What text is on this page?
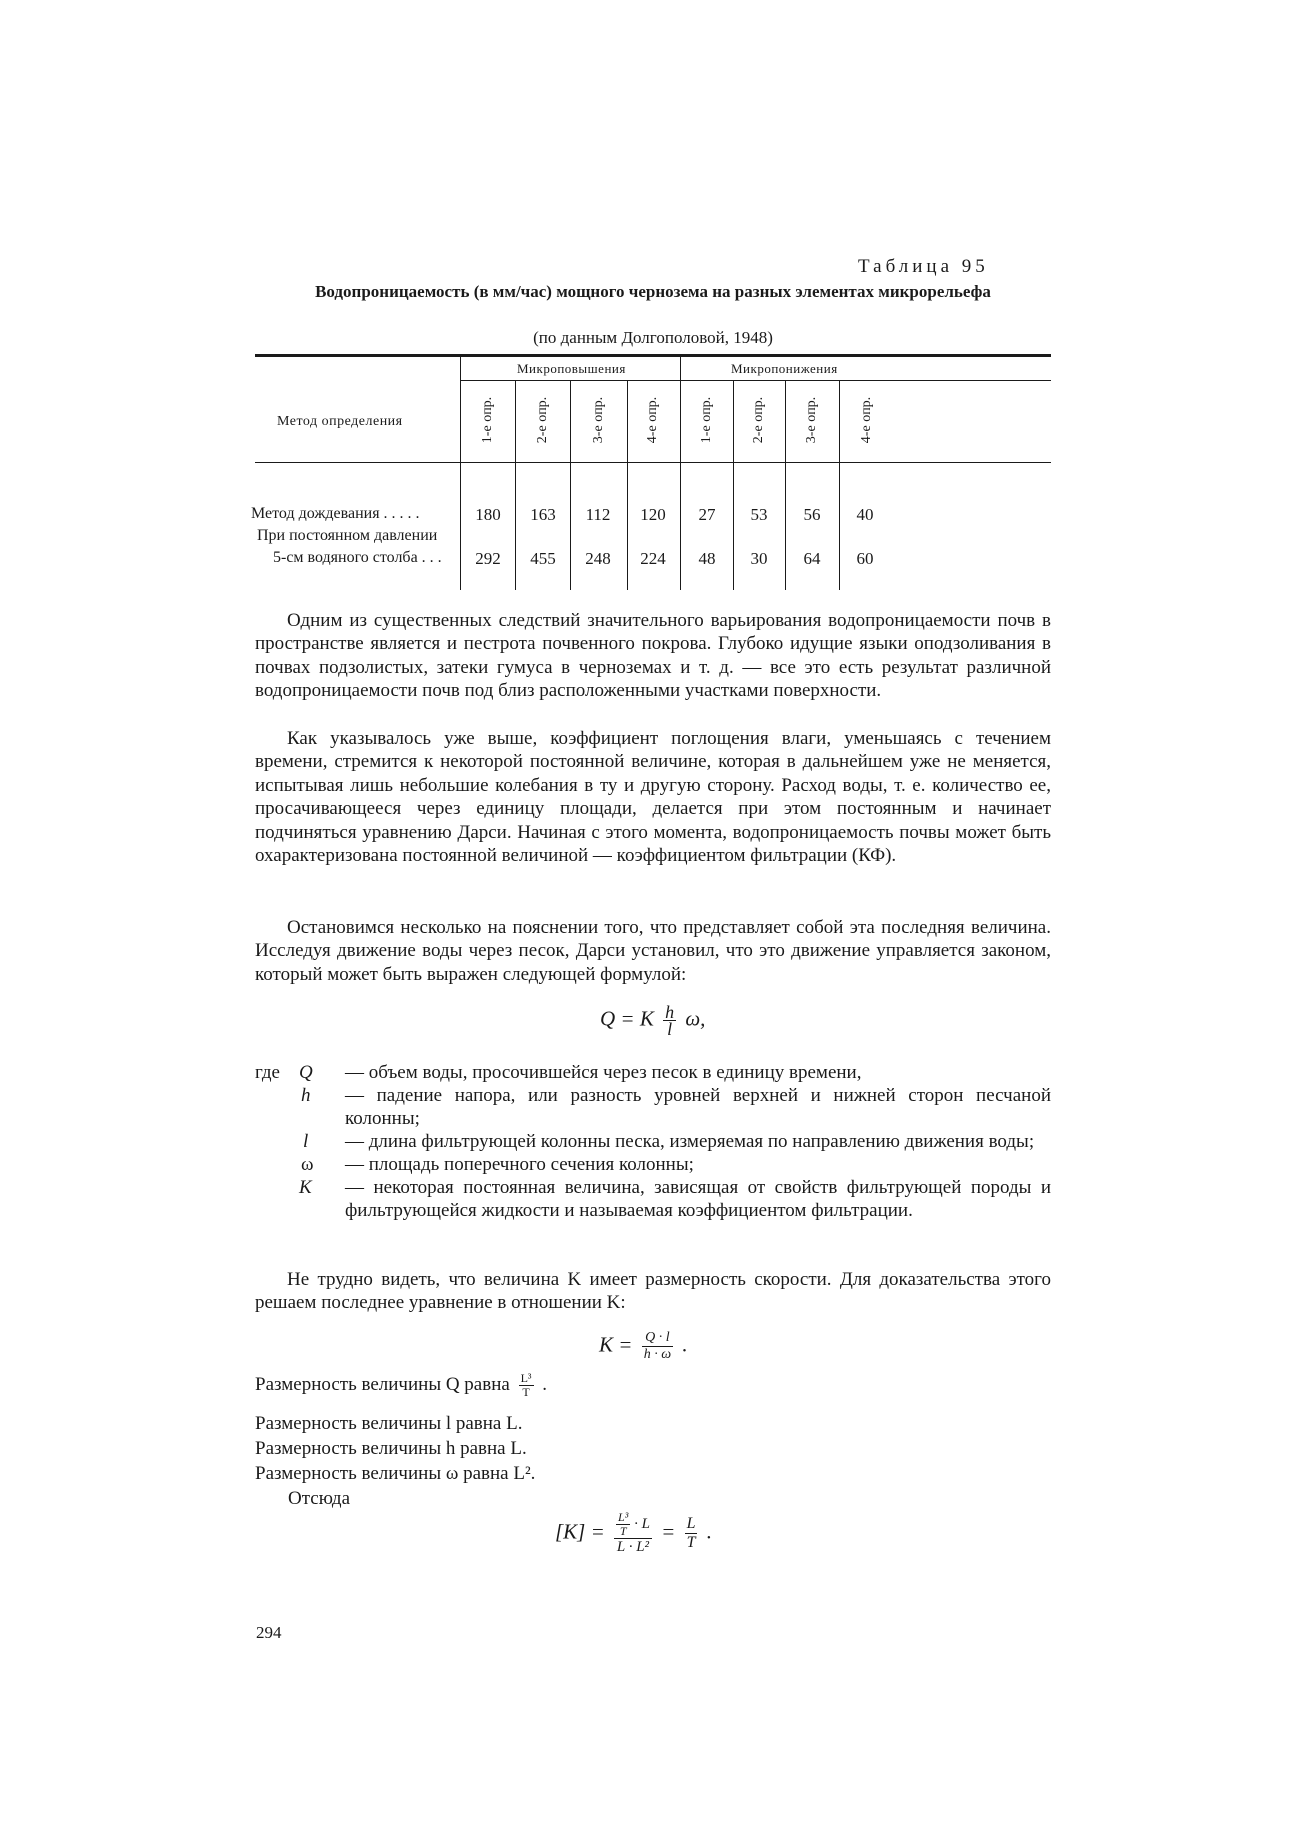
Таблица 95
Водопроницаемость (в мм/час) мощного чернозема на разных элементах микрорельефа
(по данным Долгополовой, 1948)
Метод определения
Микроповышения	Микропонижения
1-е опр.	2-е опр.	3-е опр.	4-е опр.	1-е опр.	2-е опр.	3-е опр.	4-е опр.
Метод дождевания . . . . .	180	163	112	120	27	53	56	40
При постоянном давлении
5-см водяного столба . . .	292	455	248	224	48	30	64	60
Одним из существенных следствий значительного варьирования водопроницаемости почв в пространстве является и пестрота почвенного покрова. Глубоко идущие языки оподзоливания в почвах подзолистых, затеки гумуса в черноземах и т. д. — все это есть результат различной водопроницаемости почв под близ расположенными участками поверхности.
Как указывалось уже выше, коэффициент поглощения влаги, уменьшаясь с течением времени, стремится к некоторой постоянной величине, которая в дальнейшем уже не меняется, испытывая лишь небольшие колебания в ту и другую сторону. Расход воды, т. е. количество ее, просачивающееся через единицу площади, делается при этом постоянным и начинает подчиняться уравнению Дарси. Начиная с этого момента, водопроницаемость почвы может быть охарактеризована постоянной величиной — коэффициентом фильтрации (КФ).
Остановимся несколько на пояснении того, что представляет собой эта последняя величина. Исследуя движение воды через песок, Дарси установил, что это движение управляется законом, который может быть выражен следующей формулой:
Q = K $\frac{h}{l} \omega$,
где Q — объем воды, просочившейся через песок в единицу времени,
h — падение напора, или разность уровней верхней и нижней сторон песчаной колонны;
l — длина фильтрующей колонны песка, измеряемая по направлению движения воды;
ω — площадь поперечного сечения колонны;
K — некоторая постоянная величина, зависящая от свойств фильтрующей породы и фильтрующейся жидкости и называемая коэффициентом фильтрации.
Не трудно видеть, что величина K имеет размерность скорости. Для доказательства этого решаем последнее уравнение в отношении K:
$K = \frac{Q \cdot l}{h \cdot \omega}$ .
Размерность величины Q равна $\frac{\text{L³}}{T}$ .
Размерность величины l равна L.
Размерность величины h равна L.
Размерность величины ω равна L².
Отсюда
$[K] = \frac{\frac{\text{L³}}{T} \cdot L}{\text{L · L²}} = \frac{L}{T}$ .
294
